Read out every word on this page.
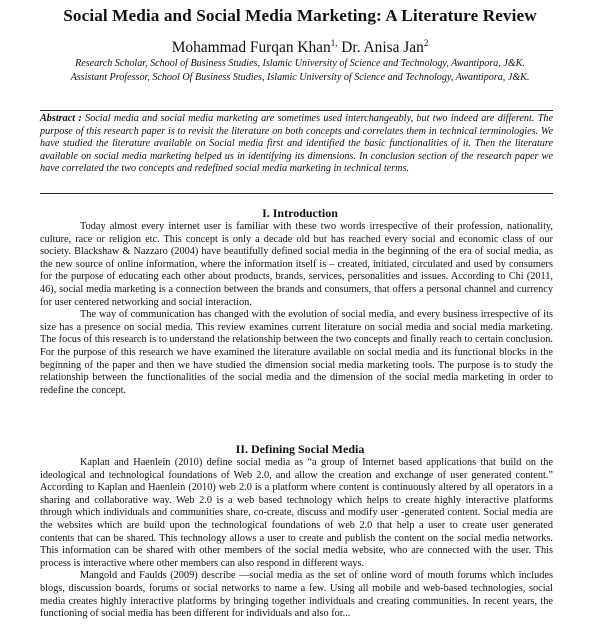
Social Media and Social Media Marketing: A Literature Review
Mohammad Furqan Khan$^{1,}$ Dr. Anisa Jan$^2$
Research Scholar, School of Business Studies, Islamic University of Science and Technology, Awantipora, J&K.
Assistant Professor, School Of Business Studies, Islamic University of Science and Technology, Awantipora, J&K.
Abstract : Social media and social media marketing are sometimes used interchangeably, but two indeed are different. The purpose of this research paper is to revisit the literature on both concepts and correlates them in technical terminologies. We have studied the literature available on Social media first and identified the basic functionalities of it. Then the literature available on social media marketing helped us in identifying its dimensions. In conclusion section of the research paper we have correlated the two concepts and redefined social media marketing in technical terms.
I. Introduction

Today almost every internet user is familiar with these two words irrespective of their profession, nationality, culture, race or religion etc. This concept is only a decade old but has reached every social and economic class of our society. Blackshaw & Nazzaro (2004) have beautifully defined social media in the beginning of the era of social media, as the new source of online information, where the information itself is – created, initiated, circulated and used by consumers for the purpose of educating each other about products, brands, services, personalities and issues. According to Chi (2011, 46), social media marketing is a connection between the brands and consumers, that offers a personal channel and currency for user centered networking and social interaction.

The way of communication has changed with the evolution of social media, and every business irrespective of its size has a presence on social media. This review examines current literature on social media and social media marketing. The focus of this research is to understand the relationship between the two concepts and finally reach to certain conclusion. For the purpose of this research we have examined the literature available on social media and its functional blocks in the beginning of the paper and then we have studied the dimension social media marketing tools. The purpose is to study the relationship between the functionalities of the social media and the dimension of the social media marketing in order to redefine the concept.

II. Defining Social Media

Kaplan and Haenlein (2010) define social media as “a group of Internet based applications that build on the ideological and technological foundations of Web 2.0, and allow the creation and exchange of user generated content.” According to Kaplan and Haenlein (2010) web 2.0 is a platform where content is continuously altered by all operators in a sharing and collaborative way. Web 2.0 is a web based technology which helps to create highly interactive platforms through which individuals and communities share, co-create, discuss and modify user -generated content. Social media are the websites which are build upon the technological foundations of web 2.0 that help a user to create user generated contents that can be shared. This technology allows a user to create and publish the content on the social media networks. This information can be shared with other members of the social media website, who are connected with the user. This process is interactive where other members can also respond in different ways.

Mangold and Faulds (2009) describe —social media as the set of online word of mouth forums which includes blogs, discussion boards, forums or social networks to name a few. Using all mobile and web-based technologies, social media creates highly interactive platforms by bringing together individuals and creating communities. In recent years, the functioning of social media has been different for individuals and also for...
